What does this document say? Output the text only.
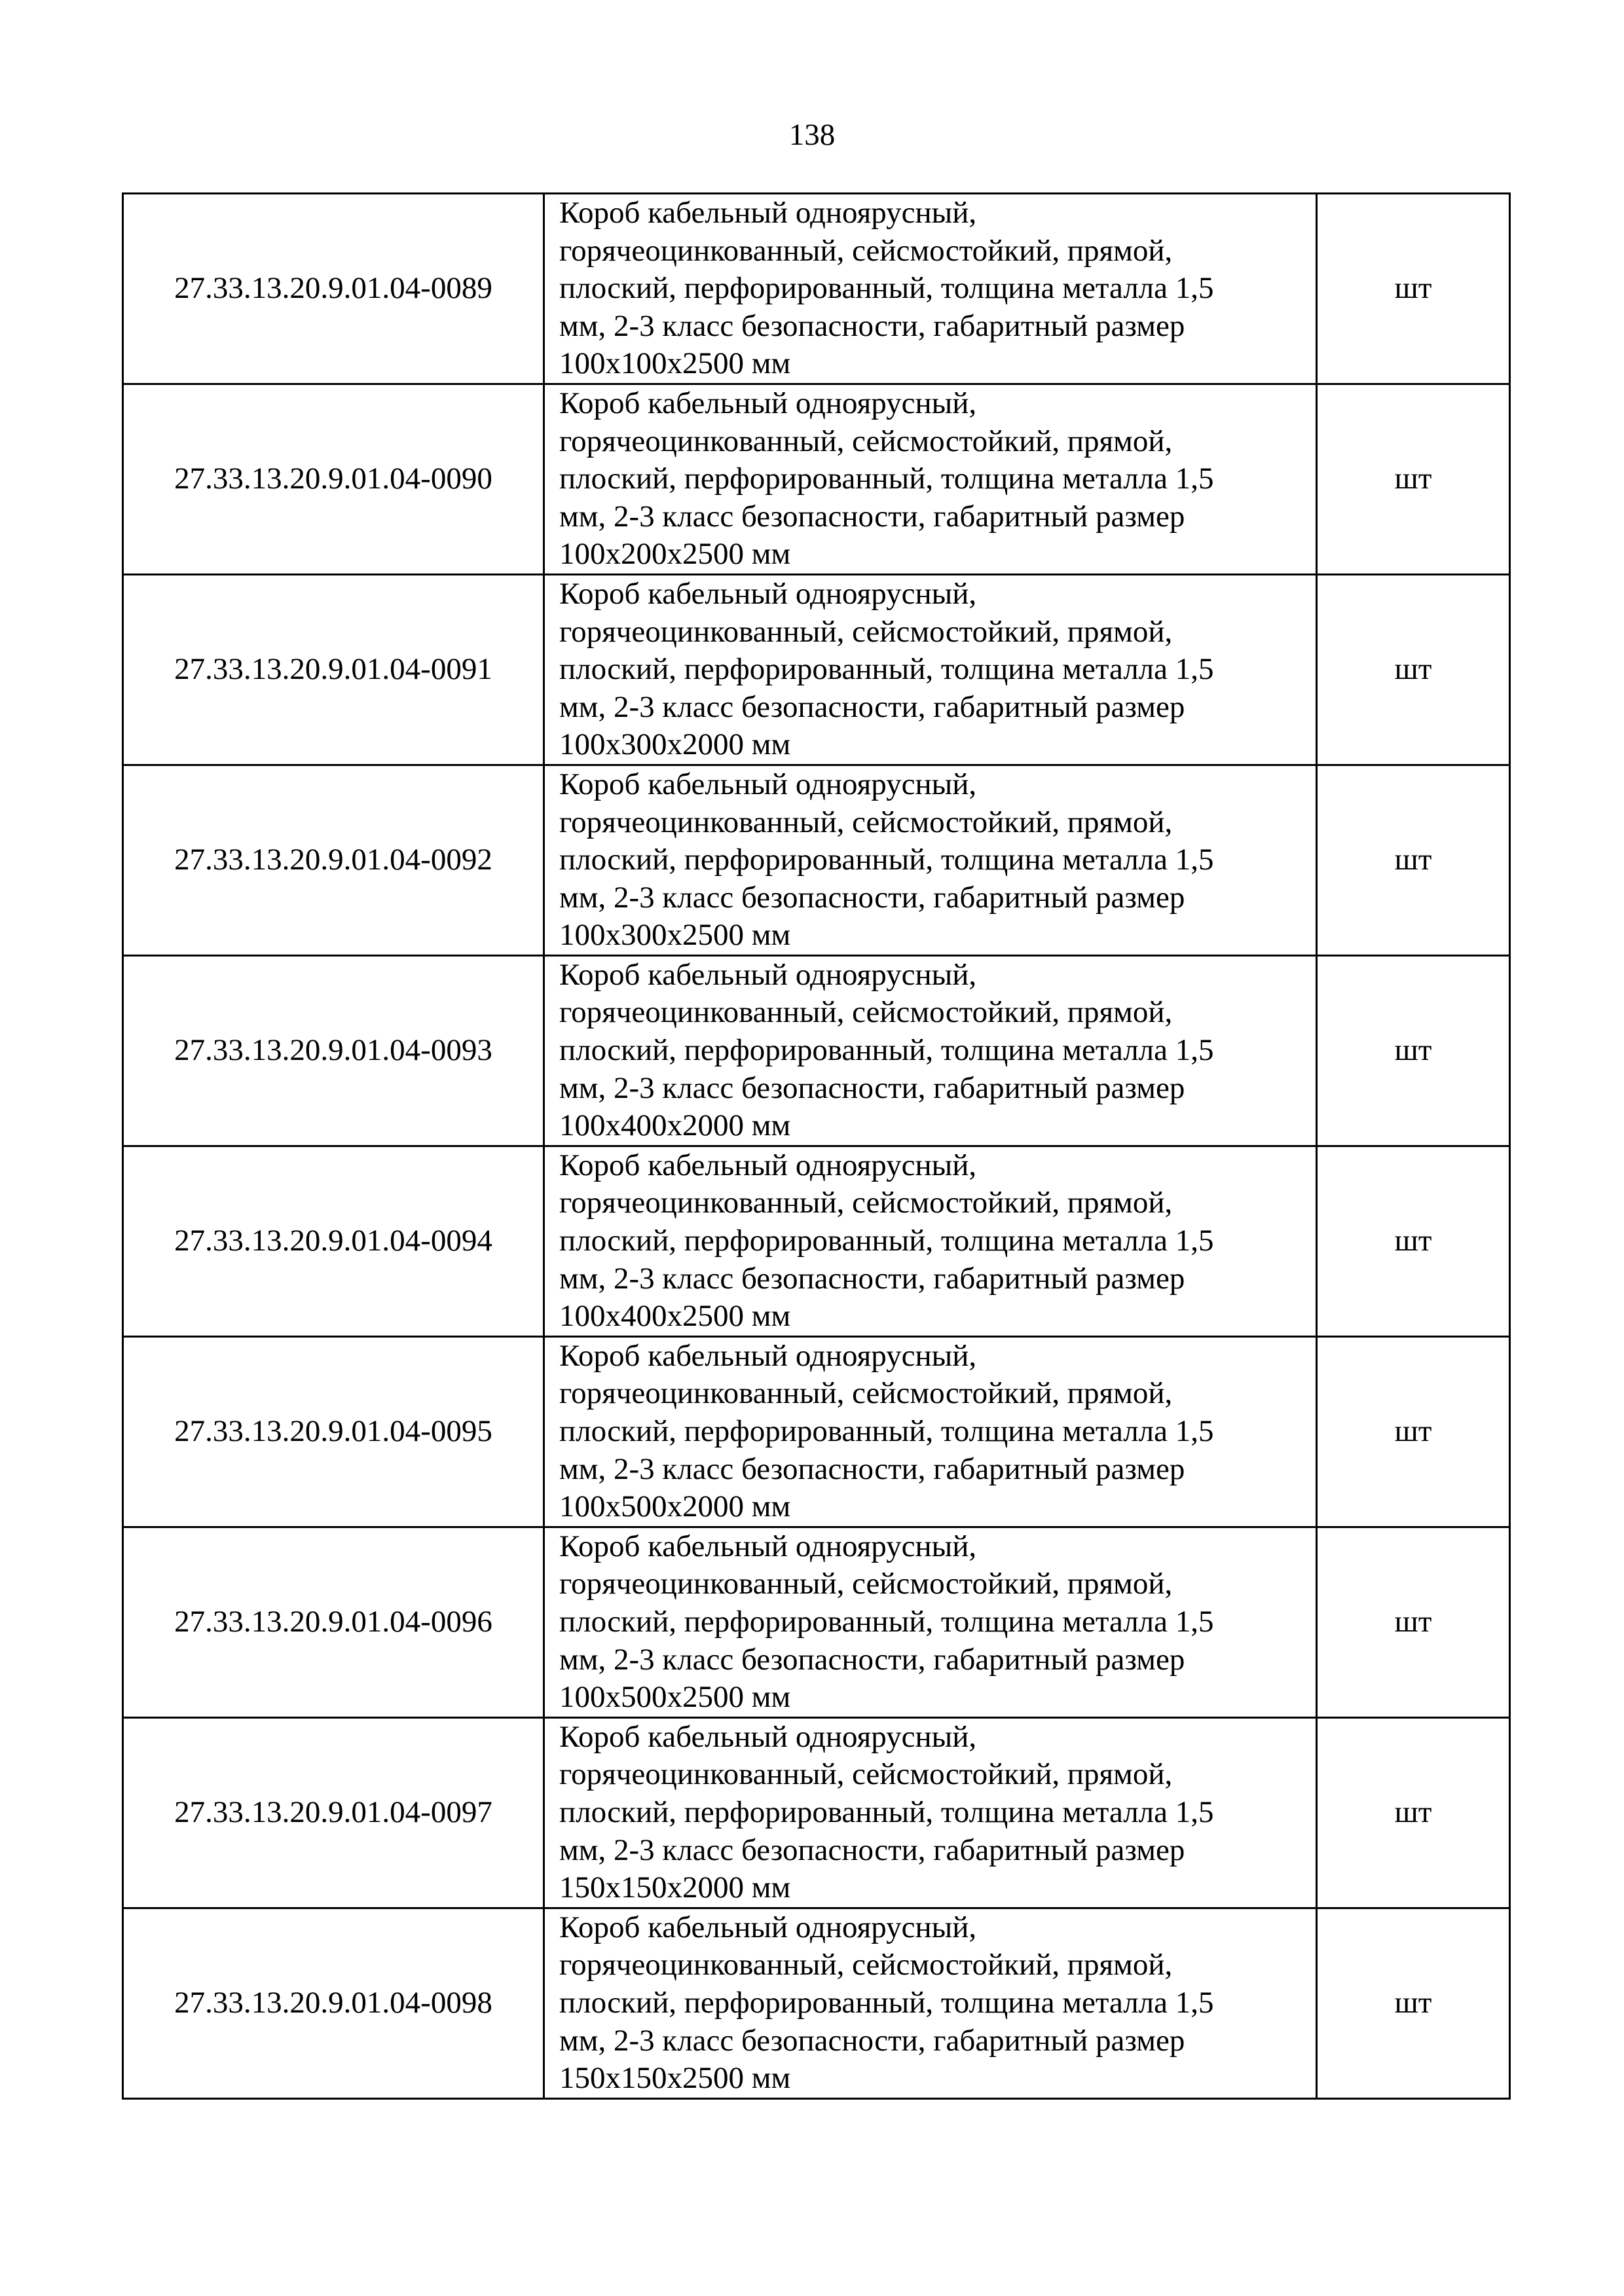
138
27.33.13.20.9.01.04-0089	Короб кабельный одноярусный,
горячеоцинкованный, сейсмостойкий, прямой,
плоский, перфорированный, толщина металла 1,5
мм, 2-3 класс безопасности, габаритный размер
100х100х2500 мм	шт
27.33.13.20.9.01.04-0090	Короб кабельный одноярусный,
горячеоцинкованный, сейсмостойкий, прямой,
плоский, перфорированный, толщина металла 1,5
мм, 2-3 класс безопасности, габаритный размер
100х200х2500 мм	шт
27.33.13.20.9.01.04-0091	Короб кабельный одноярусный,
горячеоцинкованный, сейсмостойкий, прямой,
плоский, перфорированный, толщина металла 1,5
мм, 2-3 класс безопасности, габаритный размер
100х300х2000 мм	шт
27.33.13.20.9.01.04-0092	Короб кабельный одноярусный,
горячеоцинкованный, сейсмостойкий, прямой,
плоский, перфорированный, толщина металла 1,5
мм, 2-3 класс безопасности, габаритный размер
100х300х2500 мм	шт
27.33.13.20.9.01.04-0093	Короб кабельный одноярусный,
горячеоцинкованный, сейсмостойкий, прямой,
плоский, перфорированный, толщина металла 1,5
мм, 2-3 класс безопасности, габаритный размер
100х400х2000 мм	шт
27.33.13.20.9.01.04-0094	Короб кабельный одноярусный,
горячеоцинкованный, сейсмостойкий, прямой,
плоский, перфорированный, толщина металла 1,5
мм, 2-3 класс безопасности, габаритный размер
100х400х2500 мм	шт
27.33.13.20.9.01.04-0095	Короб кабельный одноярусный,
горячеоцинкованный, сейсмостойкий, прямой,
плоский, перфорированный, толщина металла 1,5
мм, 2-3 класс безопасности, габаритный размер
100х500х2000 мм	шт
27.33.13.20.9.01.04-0096	Короб кабельный одноярусный,
горячеоцинкованный, сейсмостойкий, прямой,
плоский, перфорированный, толщина металла 1,5
мм, 2-3 класс безопасности, габаритный размер
100х500х2500 мм	шт
27.33.13.20.9.01.04-0097	Короб кабельный одноярусный,
горячеоцинкованный, сейсмостойкий, прямой,
плоский, перфорированный, толщина металла 1,5
мм, 2-3 класс безопасности, габаритный размер
150х150х2000 мм	шт
27.33.13.20.9.01.04-0098	Короб кабельный одноярусный,
горячеоцинкованный, сейсмостойкий, прямой,
плоский, перфорированный, толщина металла 1,5
мм, 2-3 класс безопасности, габаритный размер
150х150х2500 мм	шт
